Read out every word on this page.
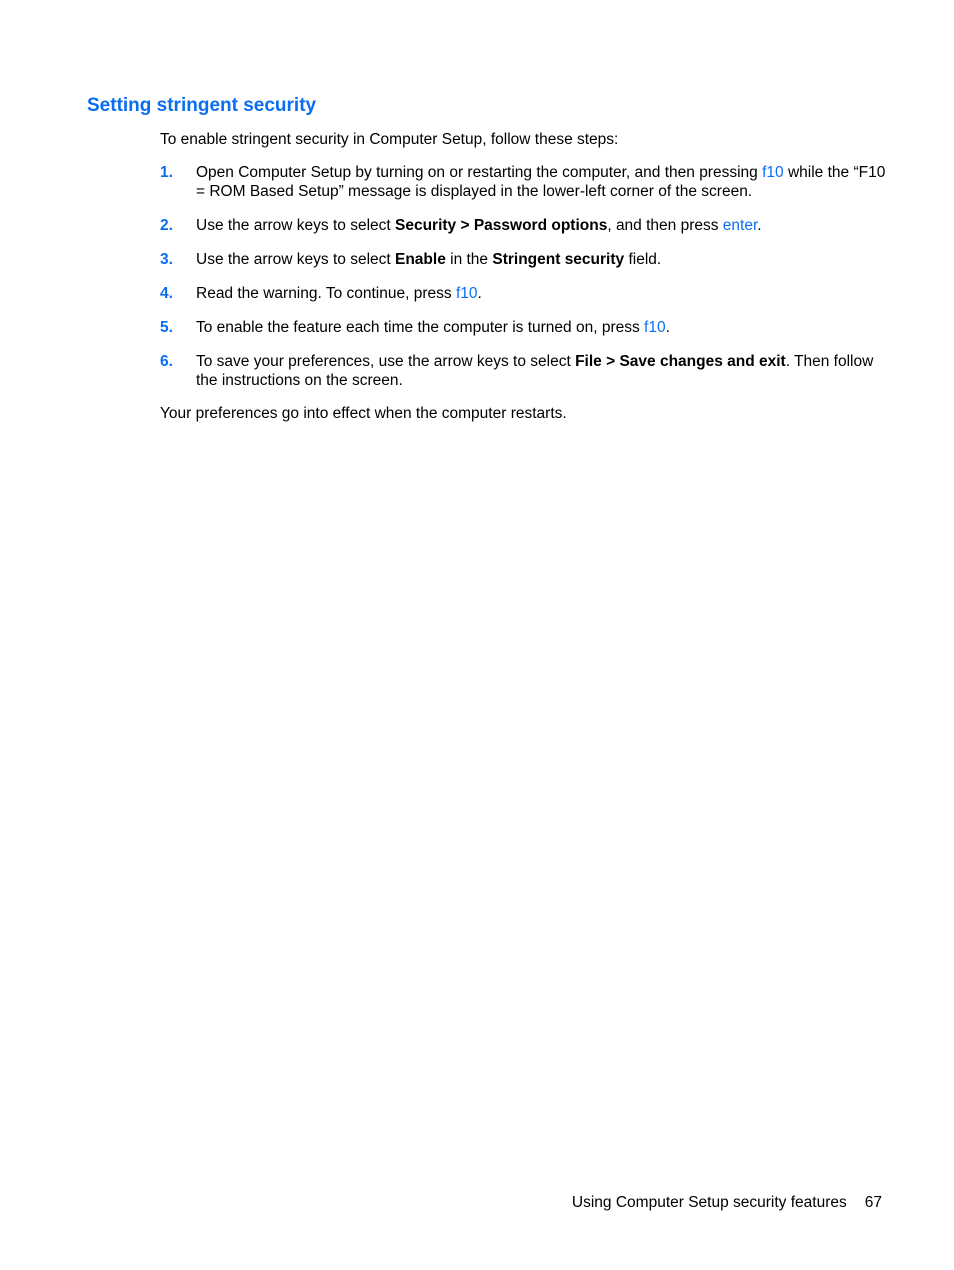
Setting stringent security

To enable stringent security in Computer Setup, follow these steps:

1. Open Computer Setup by turning on or restarting the computer, and then pressing f10 while the “F10 = ROM Based Setup” message is displayed in the lower-left corner of the screen.
2. Use the arrow keys to select Security > Password options, and then press enter.
3. Use the arrow keys to select Enable in the Stringent security field.
4. Read the warning. To continue, press f10.
5. To enable the feature each time the computer is turned on, press f10.
6. To save your preferences, use the arrow keys to select File > Save changes and exit. Then follow the instructions on the screen.

Your preferences go into effect when the computer restarts.

Using Computer Setup security features 67
